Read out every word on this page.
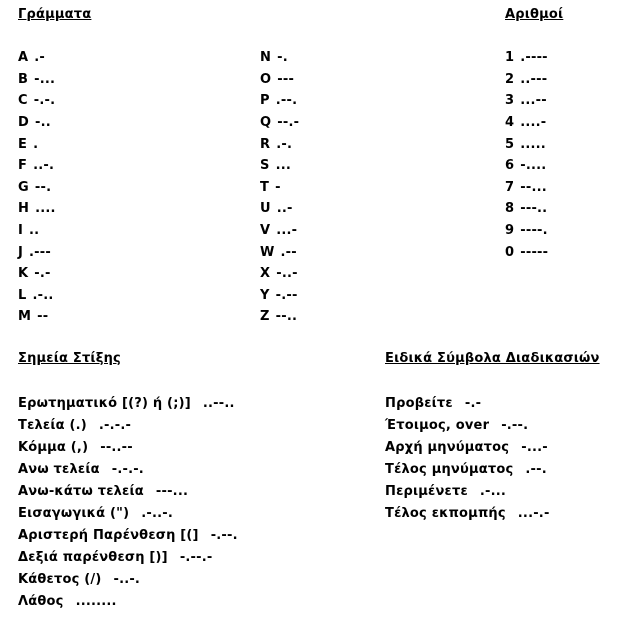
Γράμματα	Αριθμοί
A .-
B -...
C -.-.
D -..
E .
F ..-.
G --.
H ....
I ..
J .---
K -.-
L .-..
M --
N -.
O ---
P .--.
Q --.-
R .-.
S ...
T -
U ..-
V ...-
W .--
X -..-
Y -.--
Z --..
1 .----
2 ..---
3 ...--
4 ....-
5 .....
6 -....
7 --...
8 ---..
9 ----.
0 -----
Σημεία Στίξης	Ειδικά Σύμβολα Διαδικασιών
Ερωτηματικό [(?) ή (;)] ..--..
Τελεία (.) .-.-.-
Κόμμα (,) --..--
Ανω τελεία -.-.-.
Ανω-κάτω τελεία ---...
Εισαγωγικά (") .-..-.
Αριστερή Παρένθεση [(] -.--.
Δεξιά παρένθεση [)] -.--.-
Κάθετος (/) -..-.
Λάθος ........
Προβείτε -.-
Έτοιμος, over -.--.
Αρχή μηνύματος -...-
Τέλος μηνύματος .--.
Περιμένετε .-...
Τέλος εκπομπής ...-.-
